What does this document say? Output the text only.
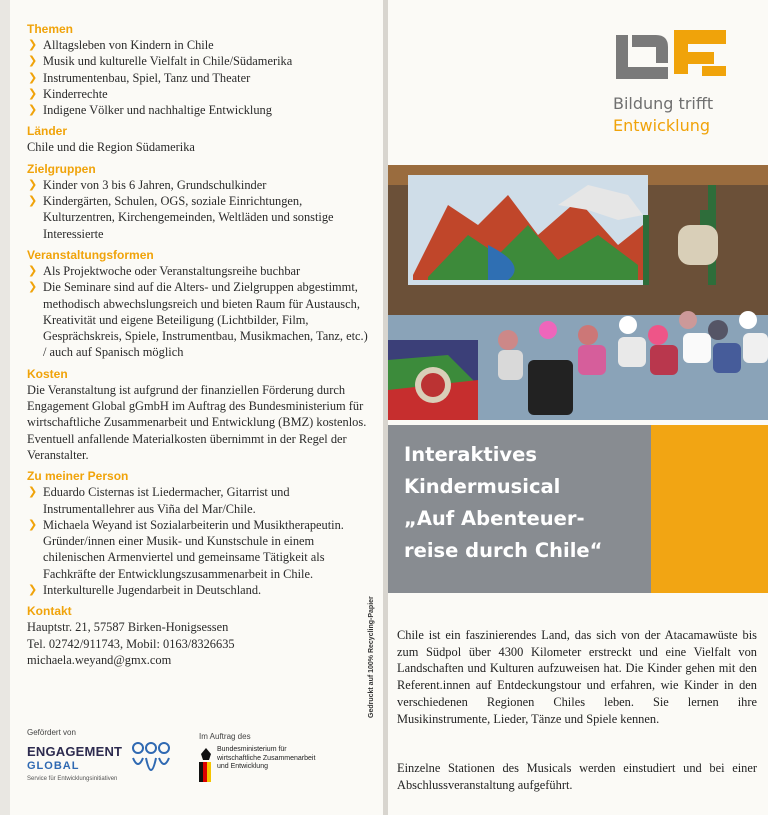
Themen
❯ Alltagsleben von Kindern in Chile
❯ Musik und kulturelle Vielfalt in Chile/Südamerika
❯ Instrumentenbau, Spiel, Tanz und Theater
❯ Kinderrechte
❯ Indigene Völker und nachhaltige Entwicklung
Länder
Chile und die Region Südamerika
Zielgruppen
❯ Kinder von 3 bis 6 Jahren, Grundschulkinder
❯ Kindergärten, Schulen, OGS, soziale Einrichtungen, Kulturzentren, Kirchengemeinden, Weltläden und sonstige Interessierte
Veranstaltungsformen
❯ Als Projektwoche oder Veranstaltungsreihe buchbar
❯ Die Seminare sind auf die Alters- und Zielgruppen abgestimmt, methodisch abwechslungsreich und bieten Raum für Austausch, Kreativität und eigene Beteiligung (Lichtbilder, Film, Gesprächskreis, Spiele, Instrumentbau, Musikmachen, Tanz, etc.) / auch auf Spanisch möglich
Kosten
Die Veranstaltung ist aufgrund der finanziellen Förderung durch Engagement Global gGmbH im Auftrag des Bundesministerium für wirtschaftliche Zusammenarbeit und Entwicklung (BMZ) kostenlos. Eventuell anfallende Materialkosten übernimmt in der Regel der Veranstalter.
Zu meiner Person
❯ Eduardo Cisternas ist Liedermacher, Gitarrist und Instrumentallehrer aus Viña del Mar/Chile.
❯ Michaela Weyand ist Sozialarbeiterin und Musiktherapeutin. Gründer/innen einer Musik- und Kunstschule in einem chilenischen Armenviertel und gemeinsame Tätigkeit als Fachkräfte der Entwicklungszusammenarbeit in Chile.
❯ Interkulturelle Jugendarbeit in Deutschland.
Kontakt
Hauptstr. 21, 57587 Birken-Honigsessen
Tel. 02742/911743, Mobil: 0163/8326635
michaela.weyand@gmx.com
Gefördert von
ENGAGEMENT
GLOBAL
Service für Entwicklungsinitiativen
Im Auftrag des
Bundesministerium für
wirtschaftliche Zusammenarbeit
und Entwicklung
Gedruckt auf 100% Recycling-Papier
Bildung trifft
Entwicklung
Interaktives
Kindermusical
„Auf Abenteuer-
reise durch Chile“
Chile ist ein faszinierendes Land, das sich von der Atacamawüste bis zum Südpol über 4300 Kilometer erstreckt und eine Vielfalt von Landschaften und Kulturen aufzuweisen hat. Die Kinder gehen mit den Referent.innen auf Entdeckungstour und erfahren, wie Kinder in den verschiedenen Regionen Chiles leben. Sie lernen ihre Musikinstrumente, Lieder, Tänze und Spiele kennen.
Einzelne Stationen des Musicals werden einstudiert und bei einer Abschlussveranstaltung aufgeführt.
